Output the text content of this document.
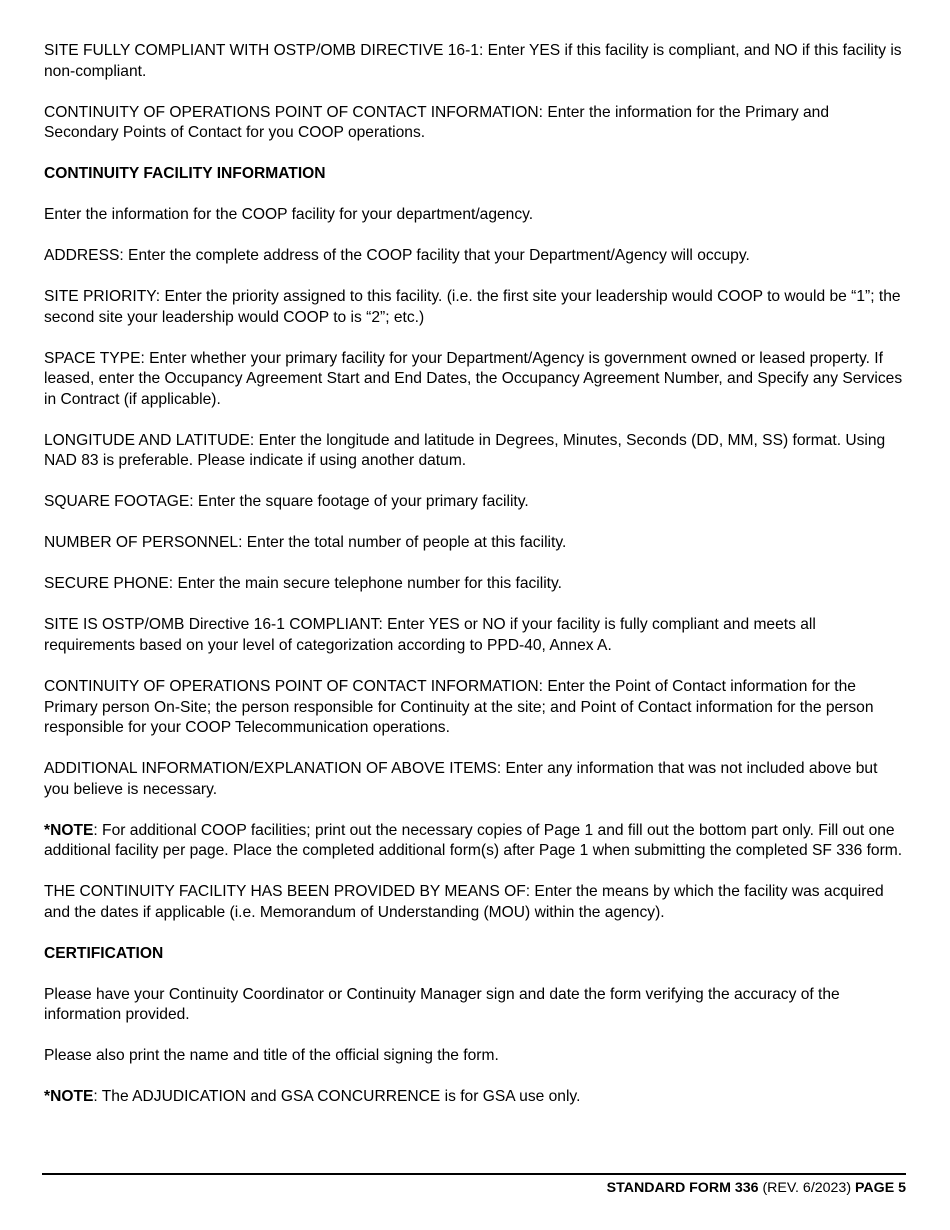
SITE FULLY COMPLIANT WITH OSTP/OMB DIRECTIVE 16-1: Enter YES if this facility is compliant, and NO if this facility is non-compliant.

CONTINUITY OF OPERATIONS POINT OF CONTACT INFORMATION: Enter the information for the Primary and Secondary Points of Contact for you COOP operations.

CONTINUITY FACILITY INFORMATION

Enter the information for the COOP facility for your department/agency.

ADDRESS: Enter the complete address of the COOP facility that your Department/Agency will occupy.

SITE PRIORITY: Enter the priority assigned to this facility. (i.e. the first site your leadership would COOP to would be “1”; the second site your leadership would COOP to is “2”; etc.)

SPACE TYPE: Enter whether your primary facility for your Department/Agency is government owned or leased property. If leased, enter the Occupancy Agreement Start and End Dates, the Occupancy Agreement Number, and Specify any Services in Contract (if applicable).

LONGITUDE AND LATITUDE: Enter the longitude and latitude in Degrees, Minutes, Seconds (DD, MM, SS) format. Using NAD 83 is preferable. Please indicate if using another datum.

SQUARE FOOTAGE: Enter the square footage of your primary facility.

NUMBER OF PERSONNEL: Enter the total number of people at this facility.

SECURE PHONE: Enter the main secure telephone number for this facility.

SITE IS OSTP/OMB Directive 16-1 COMPLIANT: Enter YES or NO if your facility is fully compliant and meets all requirements based on your level of categorization according to PPD-40, Annex A.

CONTINUITY OF OPERATIONS POINT OF CONTACT INFORMATION: Enter the Point of Contact information for the Primary person On-Site; the person responsible for Continuity at the site; and Point of Contact information for the person responsible for your COOP Telecommunication operations.

ADDITIONAL INFORMATION/EXPLANATION OF ABOVE ITEMS: Enter any information that was not included above but you believe is necessary.

*NOTE: For additional COOP facilities; print out the necessary copies of Page 1 and fill out the bottom part only. Fill out one additional facility per page. Place the completed additional form(s) after Page 1 when submitting the completed SF 336 form.

THE CONTINUITY FACILITY HAS BEEN PROVIDED BY MEANS OF: Enter the means by which the facility was acquired and the dates if applicable (i.e. Memorandum of Understanding (MOU) within the agency).

CERTIFICATION

Please have your Continuity Coordinator or Continuity Manager sign and date the form verifying the accuracy of the information provided.

Please also print the name and title of the official signing the form.

*NOTE: The ADJUDICATION and GSA CONCURRENCE is for GSA use only.

STANDARD FORM 336 (REV. 6/2023) PAGE 5
